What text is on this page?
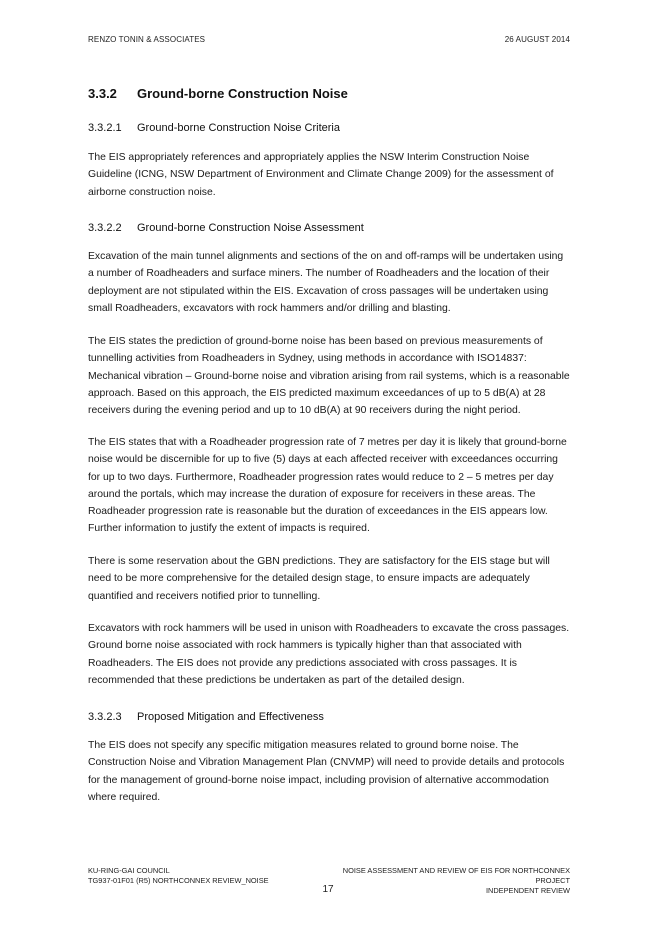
RENZO TONIN & ASSOCIATES	26 AUGUST 2014
3.3.2 Ground-borne Construction Noise
3.3.2.1 Ground-borne Construction Noise Criteria

The EIS appropriately references and appropriately applies the NSW Interim Construction Noise Guideline (ICNG, NSW Department of Environment and Climate Change 2009) for the assessment of airborne construction noise.

3.3.2.2 Ground-borne Construction Noise Assessment

Excavation of the main tunnel alignments and sections of the on and off-ramps will be undertaken using a number of Roadheaders and surface miners. The number of Roadheaders and the location of their deployment are not stipulated within the EIS. Excavation of cross passages will be undertaken using small Roadheaders, excavators with rock hammers and/or drilling and blasting.

The EIS states the prediction of ground-borne noise has been based on previous measurements of tunnelling activities from Roadheaders in Sydney, using methods in accordance with ISO14837: Mechanical vibration – Ground-borne noise and vibration arising from rail systems, which is a reasonable approach. Based on this approach, the EIS predicted maximum exceedances of up to 5 dB(A) at 28 receivers during the evening period and up to 10 dB(A) at 90 receivers during the night period.

The EIS states that with a Roadheader progression rate of 7 metres per day it is likely that ground-borne noise would be discernible for up to five (5) days at each affected receiver with exceedances occurring for up to two days. Furthermore, Roadheader progression rates would reduce to 2 – 5 metres per day around the portals, which may increase the duration of exposure for receivers in these areas. The Roadheader progression rate is reasonable but the duration of exceedances in the EIS appears low. Further information to justify the extent of impacts is required.

There is some reservation about the GBN predictions. They are satisfactory for the EIS stage but will need to be more comprehensive for the detailed design stage, to ensure impacts are adequately quantified and receivers notified prior to tunnelling.

Excavators with rock hammers will be used in unison with Roadheaders to excavate the cross passages. Ground borne noise associated with rock hammers is typically higher than that associated with Roadheaders. The EIS does not provide any predictions associated with cross passages. It is recommended that these predictions be undertaken as part of the detailed design.

3.3.2.3 Proposed Mitigation and Effectiveness

The EIS does not specify any specific mitigation measures related to ground borne noise. The Construction Noise and Vibration Management Plan (CNVMP) will need to provide details and protocols for the management of ground-borne noise impact, including provision of alternative accommodation where required.

KU-RING-GAI COUNCIL
TG937-01F01 (R5) NORTHCONNEX REVIEW_NOISE
17
NOISE ASSESSMENT AND REVIEW OF EIS FOR NORTHCONNEX
PROJECT
INDEPENDENT REVIEW
